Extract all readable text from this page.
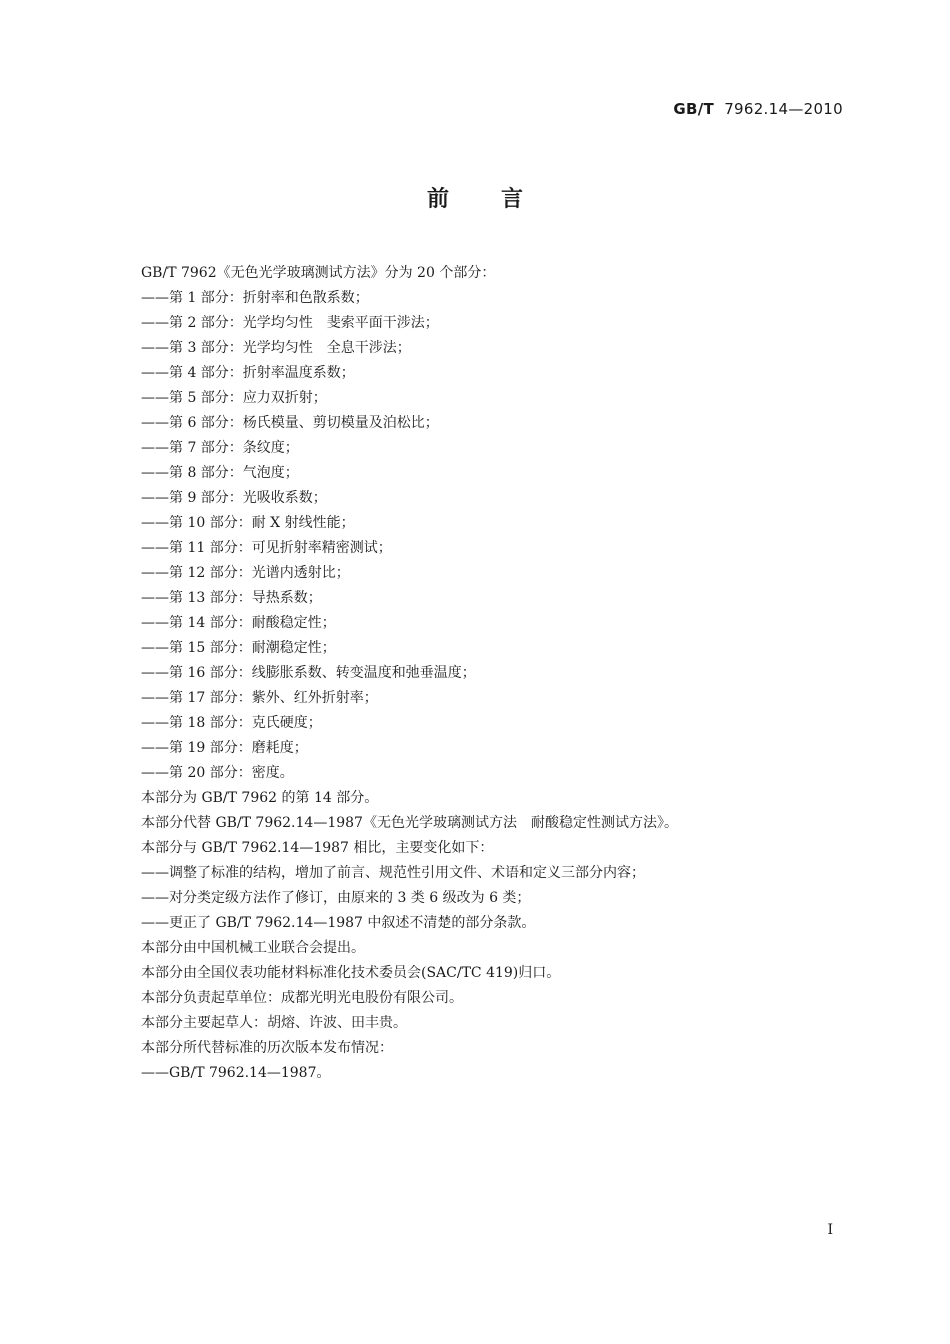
GB/T 7962.14—2010
前言
GB/T 7962《无色光学玻璃测试方法》分为 20 个部分：
——第 1 部分：折射率和色散系数；
——第 2 部分：光学均匀性　斐索平面干涉法；
——第 3 部分：光学均匀性　全息干涉法；
——第 4 部分：折射率温度系数；
——第 5 部分：应力双折射；
——第 6 部分：杨氏模量、剪切模量及泊松比；
——第 7 部分：条纹度；
——第 8 部分：气泡度；
——第 9 部分：光吸收系数；
——第 10 部分：耐 X 射线性能；
——第 11 部分：可见折射率精密测试；
——第 12 部分：光谱内透射比；
——第 13 部分：导热系数；
——第 14 部分：耐酸稳定性；
——第 15 部分：耐潮稳定性；
——第 16 部分：线膨胀系数、转变温度和弛垂温度；
——第 17 部分：紫外、红外折射率；
——第 18 部分：克氏硬度；
——第 19 部分：磨耗度；
——第 20 部分：密度。
本部分为 GB/T 7962 的第 14 部分。
本部分代替 GB/T 7962.14—1987《无色光学玻璃测试方法　耐酸稳定性测试方法》。
本部分与 GB/T 7962.14—1987 相比，主要变化如下：
——调整了标准的结构，增加了前言、规范性引用文件、术语和定义三部分内容；
——对分类定级方法作了修订，由原来的 3 类 6 级改为 6 类；
——更正了 GB/T 7962.14—1987 中叙述不清楚的部分条款。
本部分由中国机械工业联合会提出。
本部分由全国仪表功能材料标准化技术委员会(SAC/TC 419)归口。
本部分负责起草单位：成都光明光电股份有限公司。
本部分主要起草人：胡熔、许波、田丰贵。
本部分所代替标准的历次版本发布情况：
——GB/T 7962.14—1987。
I
